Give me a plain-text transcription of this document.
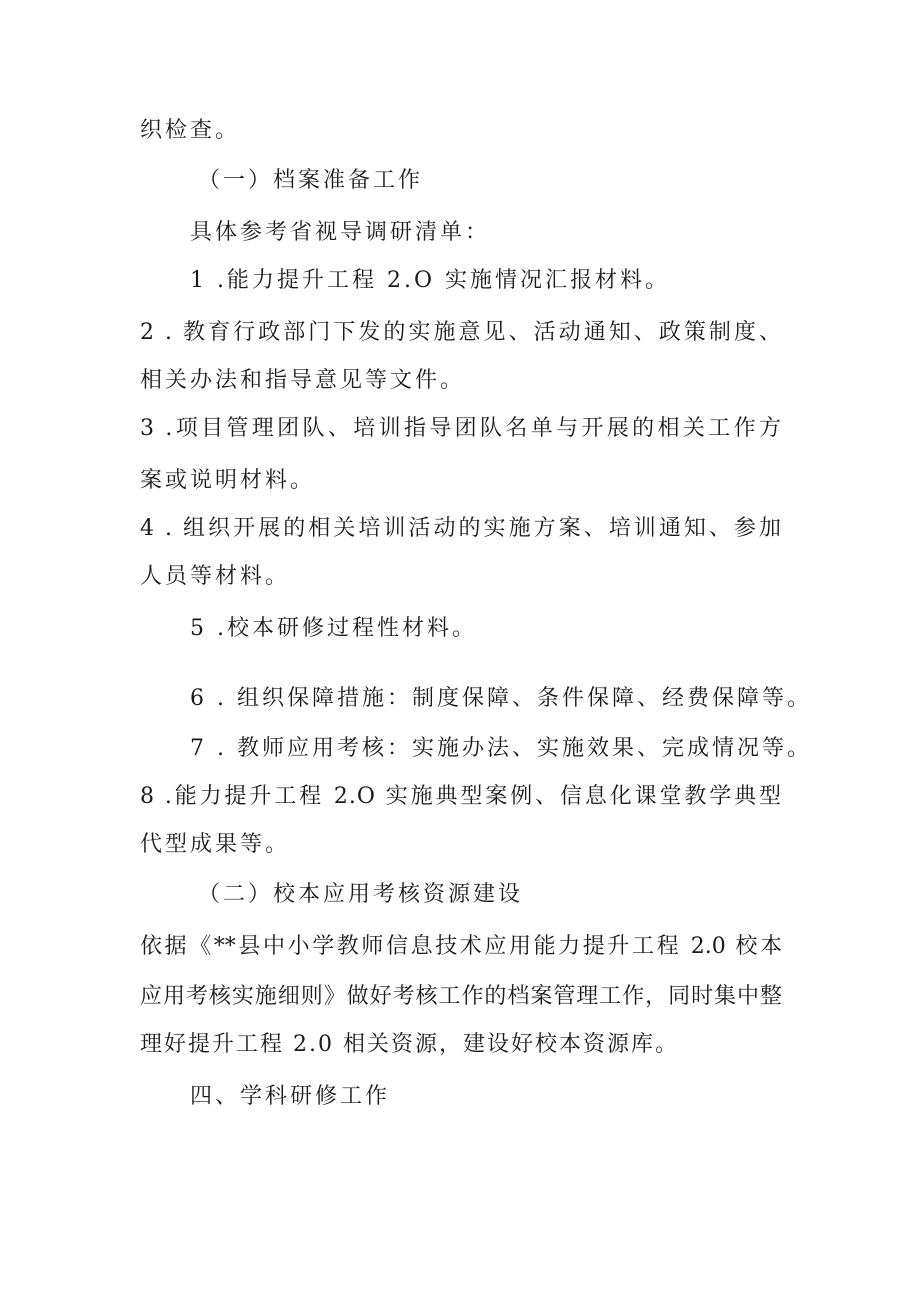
织检查。
（一）档案准备工作
具体参考省视导调研清单：
1 .能力提升工程 2.O 实施情况汇报材料。
2 . 教育行政部门下发的实施意见、活动通知、政策制度、
相关办法和指导意见等文件。
3 .项目管理团队、培训指导团队名单与开展的相关工作方
案或说明材料。
4 . 组织开展的相关培训活动的实施方案、培训通知、参加
人员等材料。
5 .校本研修过程性材料。
6 . 组织保障措施：制度保障、条件保障、经费保障等。
7 . 教师应用考核：实施办法、实施效果、完成情况等。
8 .能力提升工程 2.O 实施典型案例、信息化课堂教学典型
代型成果等。
（二）校本应用考核资源建设
依据《**县中小学教师信息技术应用能力提升工程 2.0 校本
应用考核实施细则》做好考核工作的档案管理工作，同时集中整
理好提升工程 2.0 相关资源，建设好校本资源库。
四、学科研修工作
